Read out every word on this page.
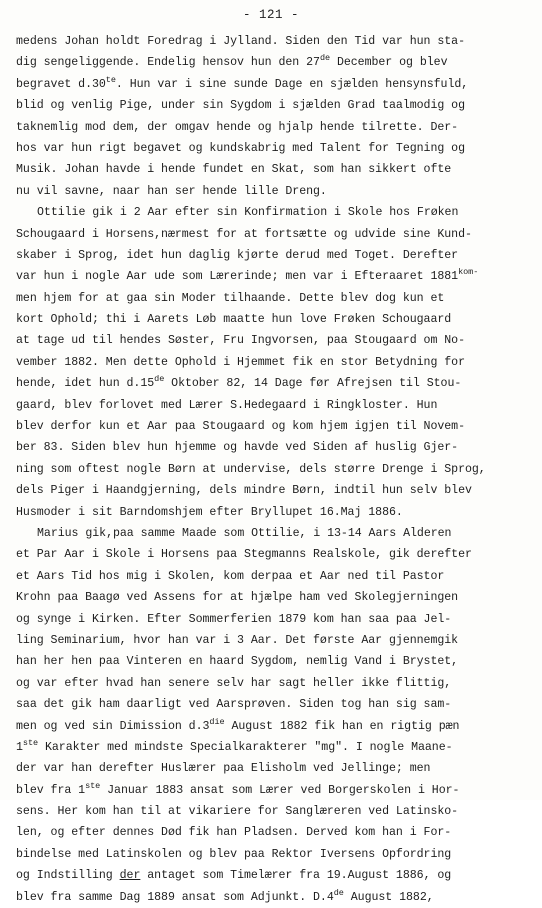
- 121 -
medens Johan holdt Foredrag i Jylland. Siden den Tid var hun sta-
dig sengeliggende. Endelig hensov hun den 27de December og blev
begravet $d.30^{te}$. Hun var i sine sunde Dage en sjælden hensynsfuld,
blid og venlig Pige, under sin Sygdom i sjælden Grad taalmodig og
taknemlig mod dem, der omgav hende og hjalp hende tilrette. Der-
hos var hun rigt begavet og kundskabrig med Talent for Tegning og
Musik. Johan havde i hende fundet en Skat, som han sikkert ofte
nu vil savne, naar han ser hende lille Dreng.
Ottilie gik i 2 Aar efter sin Konfirmation i Skole hos Frøken
Schougaard i Horsens,nærmest for at fortsætte og udvide sine Kund-
skaber i Sprog, idet hun daglig kjørte derud med Toget. Derefter
var hun i nogle Aar ude som Lærerinde; men var i Efteraaret $1881^{kom-}$
men hjem for at gaa sin Moder tilhaande. Dette blev dog kun et
kort Ophold; thi i Aarets Løb maatte hun love Frøken Schougaard
at tage ud til hendes Søster, Fru Ingvorsen, paa Stougaard om No-
vember 1882. Men dette Ophold i Hjemmet fik en stor Betydning for
hende, idet hun d.15de Oktober 82, 14 Dage før Afrejsen til Stou-
gaard, blev forlovet med Lærer S.Hedegaard i Ringkloster. Hun
blev derfor kun et Aar paa Stougaard og kom hjem igjen til Novem-
ber 83. Siden blev hun hjemme og havde ved Siden af huslig Gjer-
ning som oftest nogle Børn at undervise, dels større Drenge i Sprog,
dels Piger i Haandgjerning, dels mindre Børn, indtil hun selv blev
Husmoder i sit Barndomshjem efter Bryllupet 16.Maj 1886.
Marius gik,paa samme Maade som Ottilie, i 13-14 Aars Alderen
et Par Aar i Skole i Horsens paa Stegmanns Realskole, gik derefter
et Aars Tid hos mig i Skolen, kom derpaa et Aar ned til Pastor
Krohn paa Baagø ved Assens for at hjælpe ham ved Skolegjerningen
og synge i Kirken. Efter Sommerferien 1879 kom han saa paa Jel-
ling Seminarium, hvor han var i 3 Aar. Det første Aar gjennemgik
han her hen paa Vinteren en haard Sygdom, nemlig Vand i Brystet,
og var efter hvad han senere selv har sagt heller ikke flittig,
saa det gik ham daarligt ved Aarsprøven. Siden tog han sig sam-
men og ved sin Dimission $d.3^{die}$ August 1882 fik han en rigtig pæn
1ste Karakter med mindste Specialkarakterer "mg". I nogle Maane-
der var han derefter Huslærer paa Elisholm ved Jellinge; men
blev fra 1ste Januar 1883 ansat som Lærer ved Borgerskolen i Hor-
sens. Her kom han til at vikariere for Sanglæreren ved Latinsko-
len, og efter dennes Død fik han Pladsen. Derved kom han i For-
bindelse med Latinskolen og blev paa Rektor Iversens Opfordring
og Indstilling der antaget som Timelærer fra 19.August 1886, og
blev fra samme Dag 1889 ansat som Adjunkt. D.4de August 1882,
